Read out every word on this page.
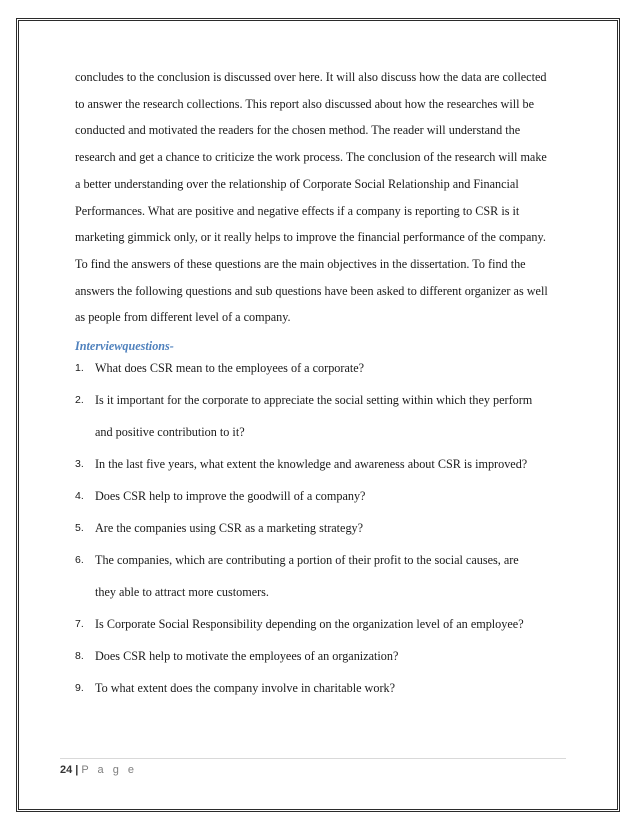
concludes to the conclusion is discussed over here. It will also discuss how the data are collected

to answer the research collections. This report also discussed about how the researches will be

conducted and motivated the readers for the chosen method. The reader will understand the

research and get a chance to criticize the work process. The conclusion of the research will make

a better understanding over the relationship of Corporate Social Relationship and Financial

Performances. What are positive and negative effects if a company is reporting to CSR is it

marketing gimmick only, or it really helps to improve the financial performance of the company.

To find the answers of these questions are the main objectives in the dissertation. To find the

answers the following questions and sub questions have been asked to different organizer as well

as people from different level of a company.

Interviewquestions-
1. What does CSR mean to the employees of a corporate?
2. Is it important for the corporate to appreciate the social setting within which they perform
and positive contribution to it?
3. In the last five years, what extent the knowledge and awareness about CSR is improved?
4. Does CSR help to improve the goodwill of a company?
5. Are the companies using CSR as a marketing strategy?
6. The companies, which are contributing a portion of their profit to the social causes, are
they able to attract more customers.
7. Is Corporate Social Responsibility depending on the organization level of an employee?
8. Does CSR help to motivate the employees of an organization?
9. To what extent does the company involve in charitable work?
24 | P a g e
